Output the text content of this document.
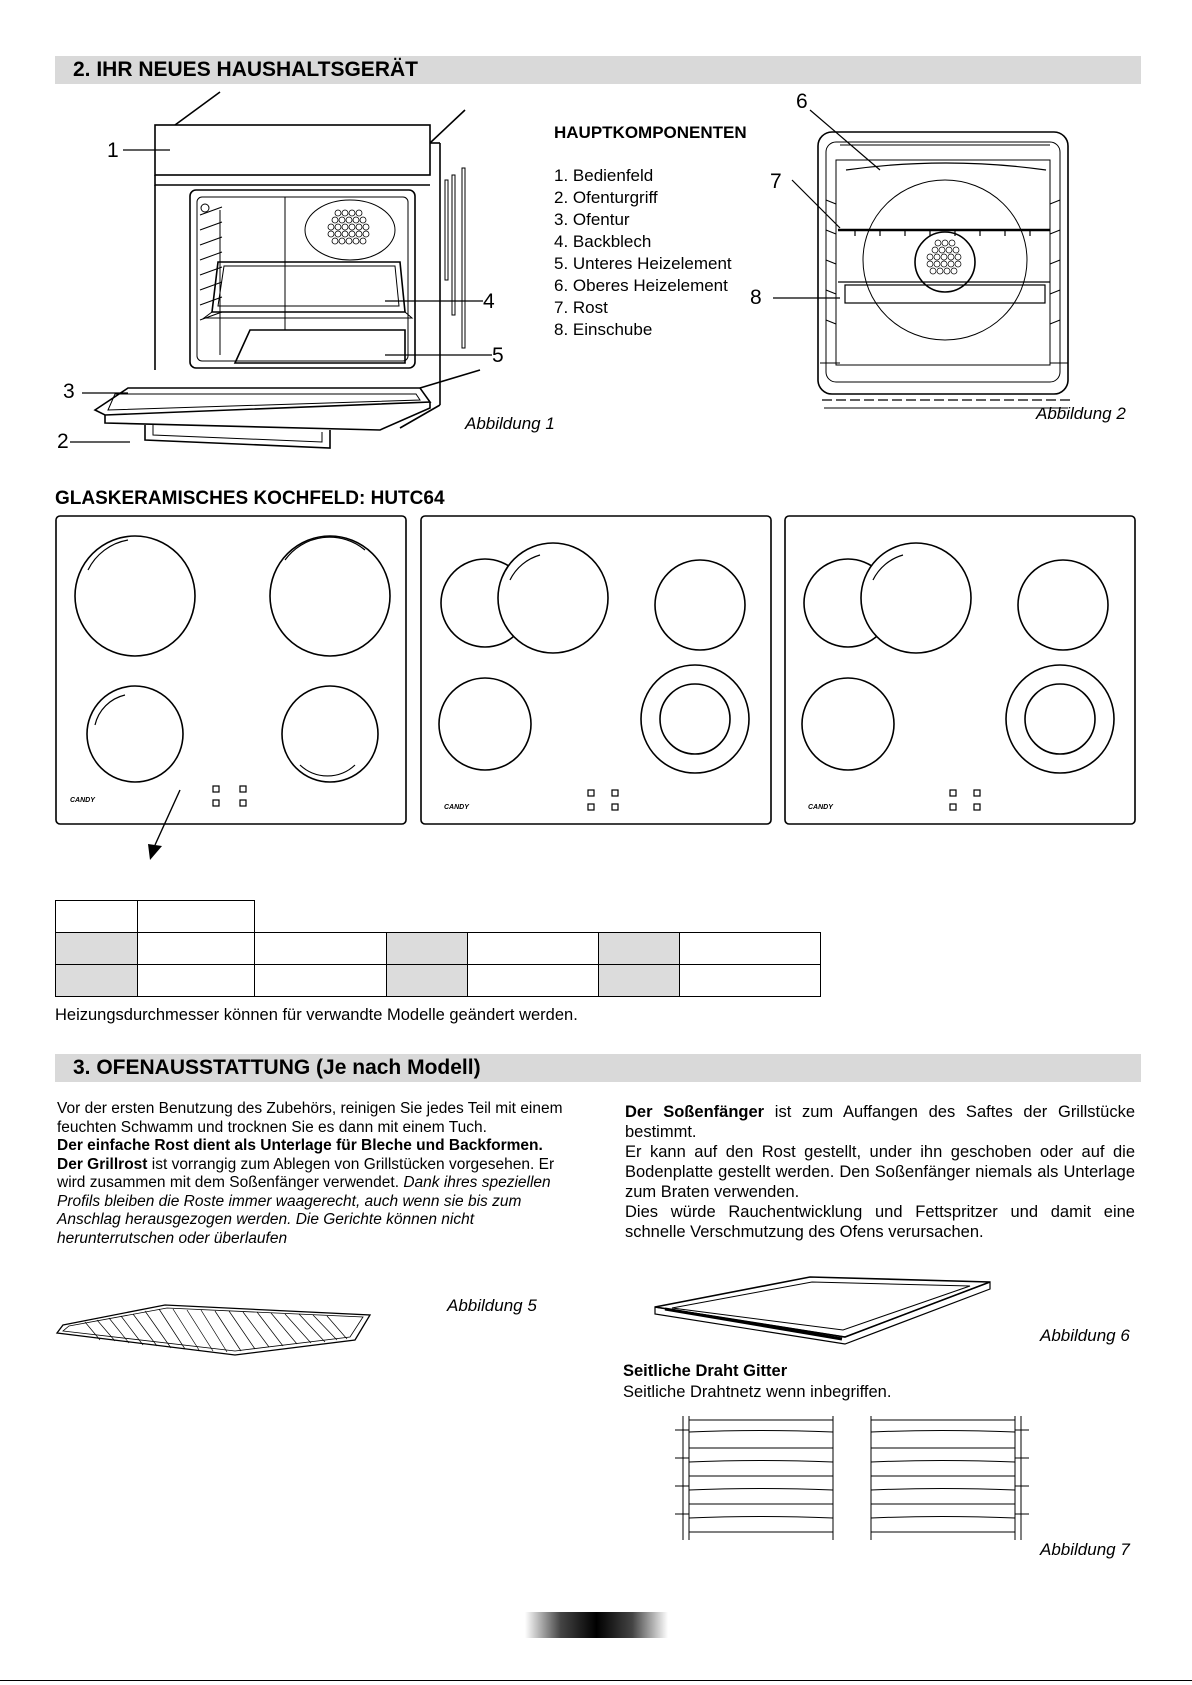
2. IHR NEUES HAUSHALTSGERÄT
1
2
3
4
5
Abbildung 1
HAUPTKOMPONENTEN
1. Bedienfeld
2. Ofenturgriff
3. Ofentur
4. Backblech
5. Unteres Heizelement
6. Oberes Heizelement
7. Rost
8. Einschube
6
7
8
Abbildung 2
GLASKERAMISCHES KOCHFELD: HUTC64
CANDY
CANDY	CANDY

Heizungsdurchmesser können für verwandte Modelle geändert werden.
3. OFENAUSSTATTUNG (Je nach Modell)

Vor der ersten Benutzung des Zubehörs, reinigen Sie jedes Teil mit einem feuchten Schwamm und trocknen Sie es dann mit einem Tuch.

Der einfache Rost dient als Unterlage für Bleche und Backformen.

Der Grillrost ist vorrangig zum Ablegen von Grillstücken vorgesehen. Er wird zusammen mit dem Soßenfänger verwendet. Dank ihres speziellen Profils bleiben die Roste immer waagerecht, auch wenn sie bis zum Anschlag herausgezogen werden. Die Gerichte können nicht herunterrutschen oder überlaufen

Der Soßenfänger ist zum Auffangen des Saftes der Grillstücke bestimmt.

Er kann auf den Rost gestellt, under ihn geschoben oder auf die Bodenplatte gestellt werden. Den Soßenfänger niemals als Unterlage zum Braten verwenden.

Dies würde Rauchentwicklung und Fettspritzer und damit eine schnelle Verschmutzung des Ofens verursachen.

Abbildung 5
Abbildung 6
Seitliche Draht Gitter
Seitliche Drahtnetz wenn inbegriffen.
Abbildung 7
